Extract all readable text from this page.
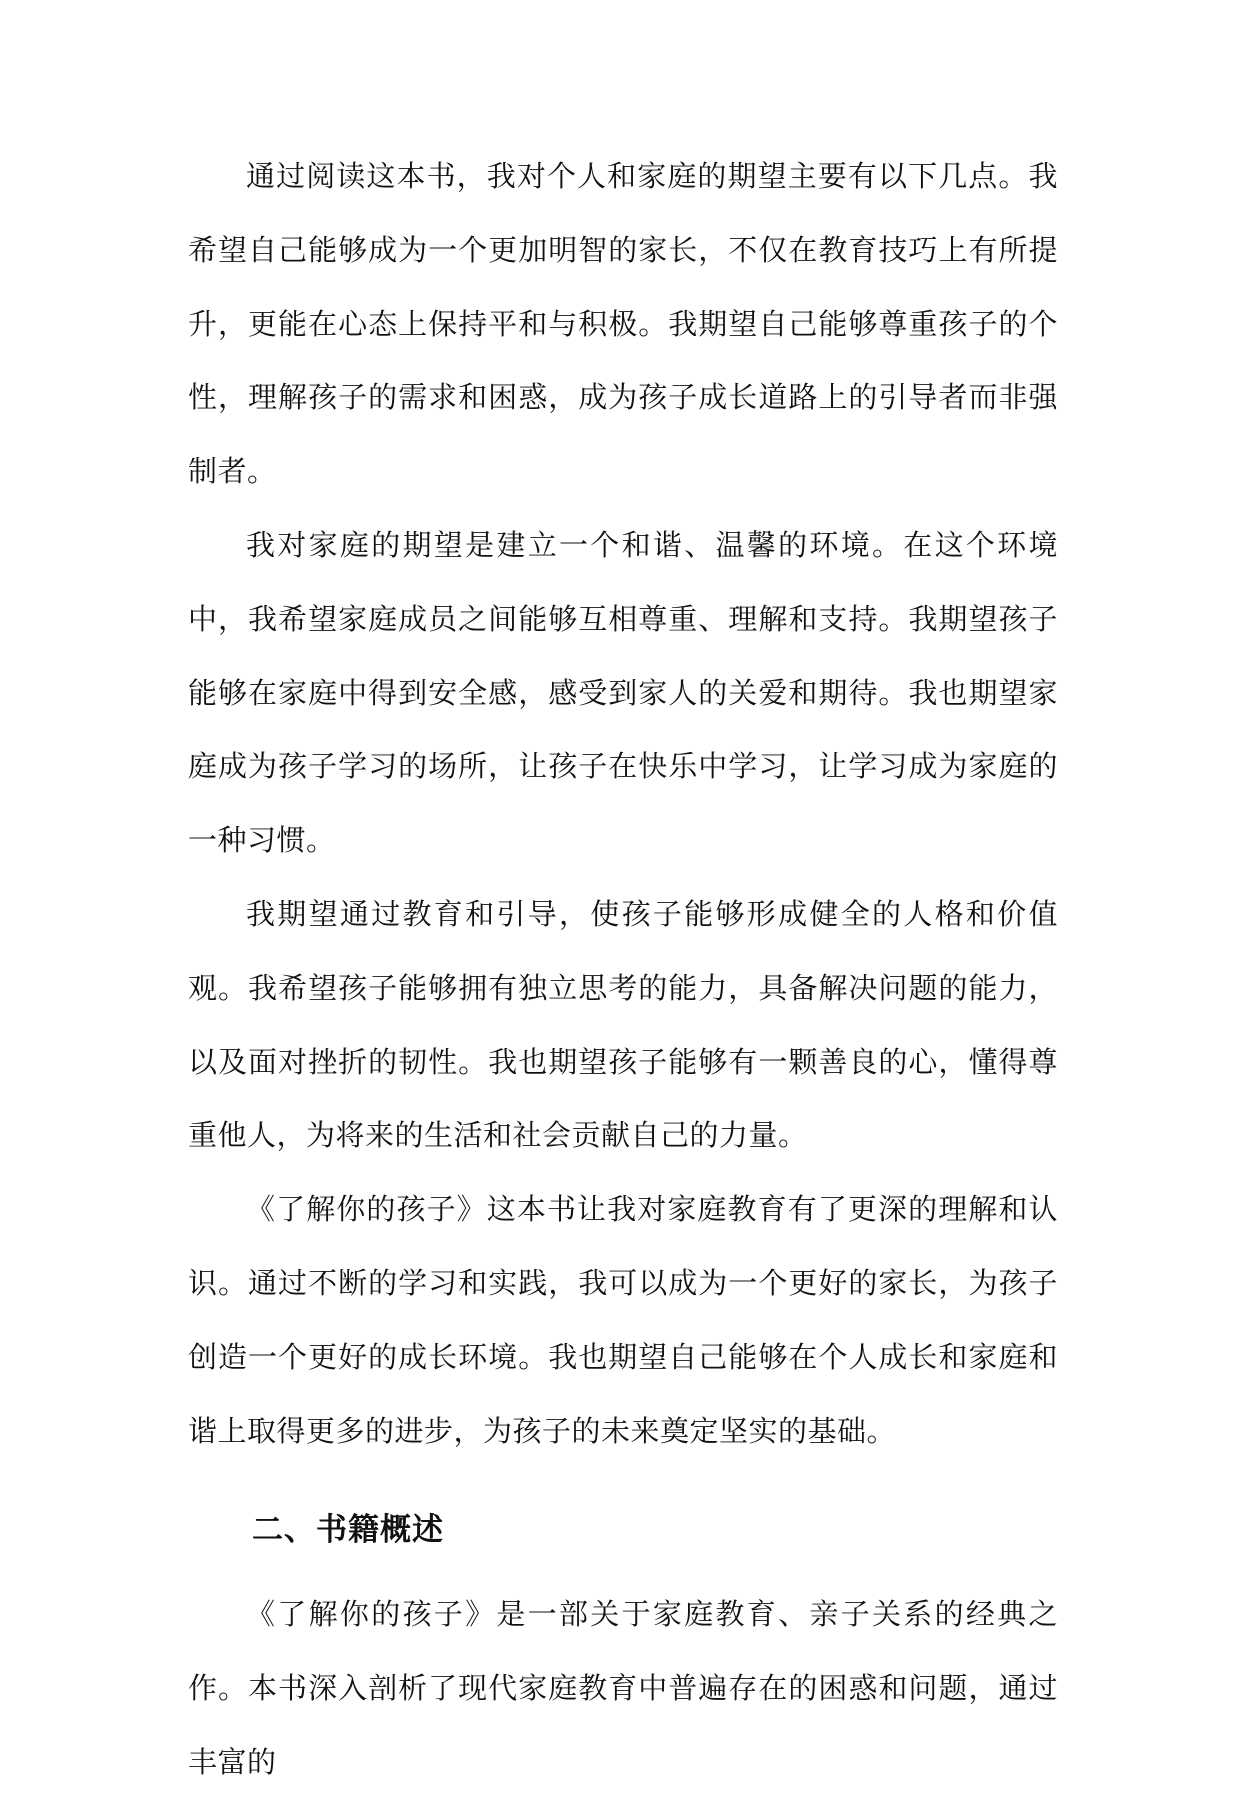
通过阅读这本书，我对个人和家庭的期望主要有以下几点。我希望自己能够成为一个更加明智的家长，不仅在教育技巧上有所提升，更能在心态上保持平和与积极。我期望自己能够尊重孩子的个性，理解孩子的需求和困惑，成为孩子成长道路上的引导者而非强制者。

我对家庭的期望是建立一个和谐、温馨的环境。在这个环境中，我希望家庭成员之间能够互相尊重、理解和支持。我期望孩子能够在家庭中得到安全感，感受到家人的关爱和期待。我也期望家庭成为孩子学习的场所，让孩子在快乐中学习，让学习成为家庭的一种习惯。

我期望通过教育和引导，使孩子能够形成健全的人格和价值观。我希望孩子能够拥有独立思考的能力，具备解决问题的能力，以及面对挫折的韧性。我也期望孩子能够有一颗善良的心，懂得尊重他人，为将来的生活和社会贡献自己的力量。

《了解你的孩子》这本书让我对家庭教育有了更深的理解和认识。通过不断的学习和实践，我可以成为一个更好的家长，为孩子创造一个更好的成长环境。我也期望自己能够在个人成长和家庭和谐上取得更多的进步，为孩子的未来奠定坚实的基础。

二、书籍概述

《了解你的孩子》是一部关于家庭教育、亲子关系的经典之作。本书深入剖析了现代家庭教育中普遍存在的困惑和问题，通过丰富的
